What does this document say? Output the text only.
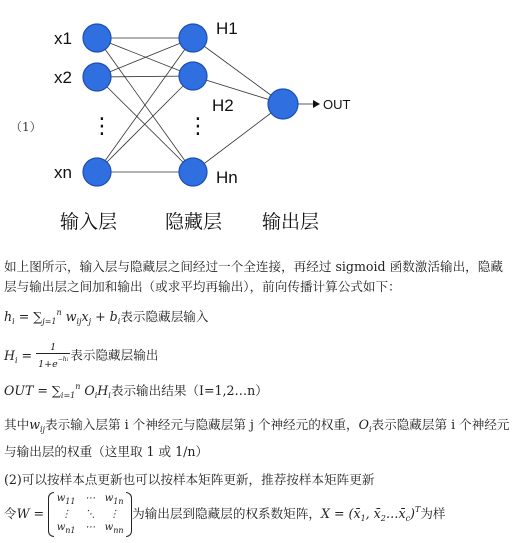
x1
x2
xn
⋮	⋮
H1
H2
Hn
OUT
（1）
输入层	隐藏层 输出层
如上图所示，输入层与隐藏层之间经过一个全连接，再经过 sigmoid 函数激活输出，隐藏层与输出层之间加和输出（或求平均再输出），前向传播计算公式如下：
$h_i = \sum_{j=1}^n$ $w_{ij}x_j + b_i$表示隐藏层输入
$H_i = \frac{1}{1+e^{-hi}}$ 表示隐藏层输出
OUT = $\sum_{i=1}^n$ $O_iH_i$表示输出结果（I=1,2…n）
其中$w_{ij}$表示输入层第 i 个神经元与隐藏层第 j 个神经元的权重，$O_i$表示隐藏层第 i 个神经元与输出层的权重（这里取 1 或 1/n）
(2)可以按样本点更新也可以按样本矩阵更新，推荐按样本矩阵更新
令W =
$w_{11}$ ⋯ $w_{1n}$
⋮ ⋱ ⋮
$w_{n1}$ ⋯ $w_{nn}$
为输出层到隐藏层的权系数矩阵，$X = (x̄_1$, $x̄_2\dots x̄_c)^T$为样
